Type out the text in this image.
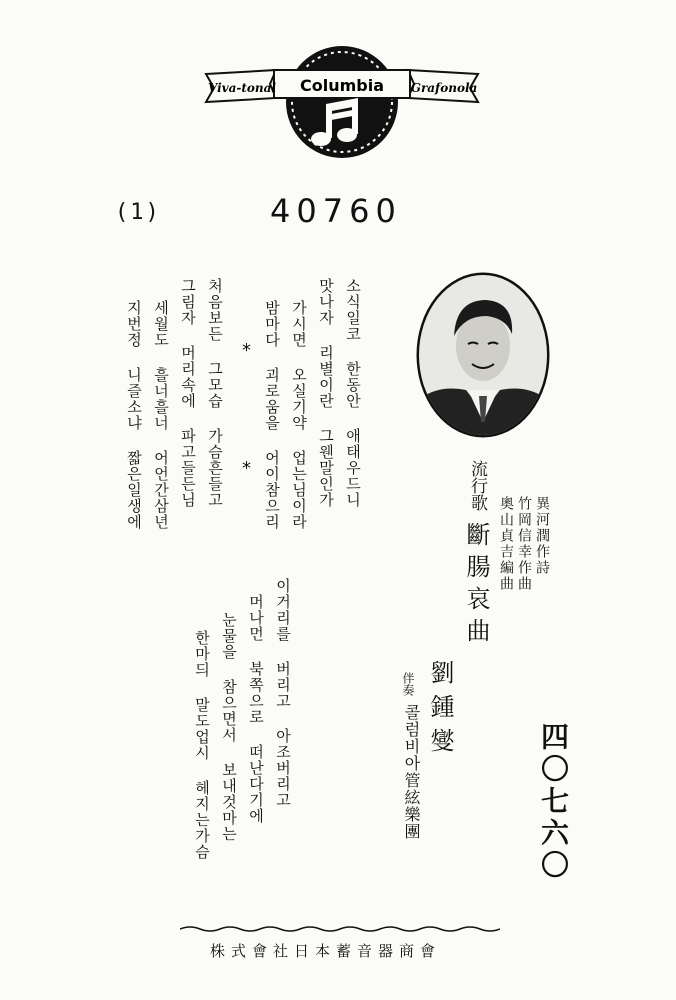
Viva-tonal Columbia Grafonola
(1)	40760
소식일코 한동안 애태우드니
맛나자 리별이란 그웬말인가
가시면 오실기약 업는님이라
밤마다 괴로움을 어이참으리
*
*
처음보든 그모습 가슴흔들고
그림자 머리속에 파고들든님
세월도 흘너흘너 어언간삼년
지번정 니즐소냐 짧은일생에
이거리를 버리고 아조버리고
머나먼 북쪽으로 떠난다기에
눈물을 참으면서 보내것마는
한마듸 말도업시 헤지는가슴
流行歌
斷腸哀曲	異河潤作詩
竹岡信幸作曲
奧山貞吉編曲
劉鍾燮
伴奏
콜럼비아管絃樂團	四〇七六〇
株式會社日本蓄音器商會
